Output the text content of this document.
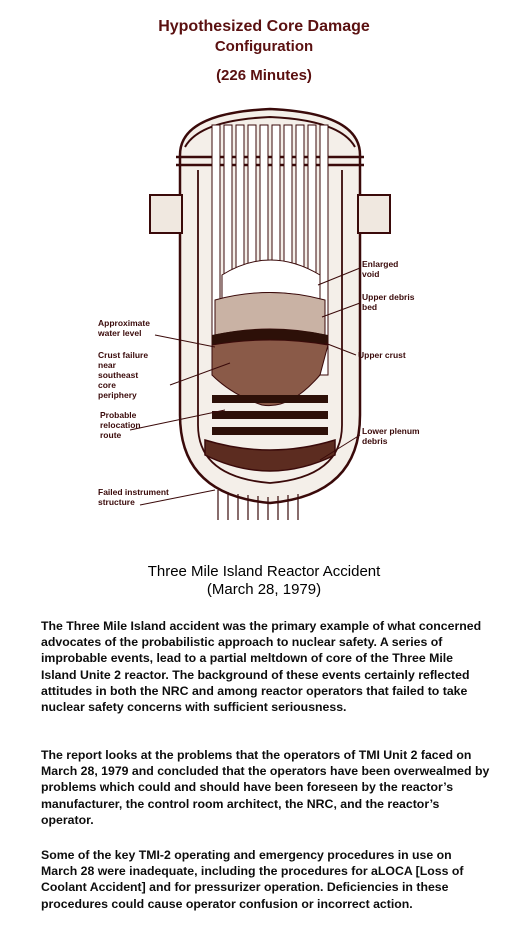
Hypothesized Core Damage
Configuration
(226 Minutes)
Enlarged void
Upper debris bed
Upper crust
Lower plenum debris
Approximate water level
Crust failure near southeast core periphery
Probable relocation route
Failed instrument structure
Three Mile Island Reactor Accident
(March 28, 1979)

The Three Mile Island accident was the primary example of what concerned advocates of the probabilistic approach to nuclear safety. A series of improbable events, lead to a partial meltdown of core of the Three Mile Island Unite 2 reactor. The background of these events certainly reflected attitudes in both the NRC and among reactor operators that failed to take nuclear safety concerns with sufficient seriousness.

The report looks at the problems that the operators of TMI Unit 2 faced on March 28, 1979 and concluded that the operators have been overwealmed by problems which could and should have been foreseen by the reactor’s manufacturer, the control room architect, the NRC, and the reactor’s operator.

Some of the key TMI-2 operating and emergency procedures in use on March 28 were inadequate, including the procedures for aLOCA [Loss of Coolant Accident] and for pressurizer operation. Deficiencies in these procedures could cause operator confusion or incorrect action.
